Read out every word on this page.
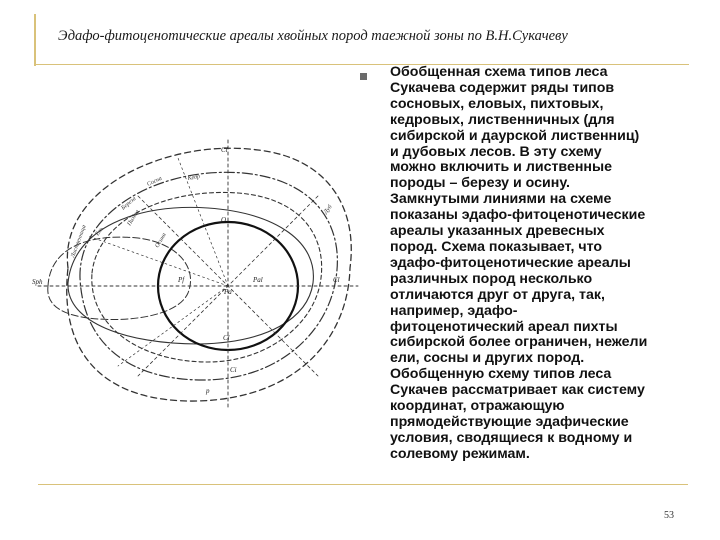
Эдафо-фитоценотические ареалы хвойных пород таежной зоны по В.Н.Сукачеву
Sph
Cl
O
Pa
Pal	Cl
Pf
Cl
Ci
p
Сосна
Береза
Ель
Пихта
Лиственница
Кедр
Дуб
Осина
Обобщенная схема типов леса
Сукачева содержит ряды типов
сосновых, еловых, пихтовых,
кедровых, лиственничных (для
сибирской и даурской лиственниц)
и дубовых лесов. В эту схему
можно включить и лиственные
породы – березу и осину.
Замкнутыми линиями на схеме
показаны эдафо-фитоценотические
ареалы указанных древесных
пород. Схема показывает, что
эдафо-фитоценотические ареалы
различных пород несколько
отличаются друг от друга, так,
например, эдафо-
фитоценотический ареал пихты
сибирской более ограничен, нежели
ели, сосны и других пород.
Обобщенную схему типов леса
Сукачев рассматривает как систему
координат, отражающую
прямодействующие эдафические
условия, сводящиеся к водному и
солевому режимам.
53
